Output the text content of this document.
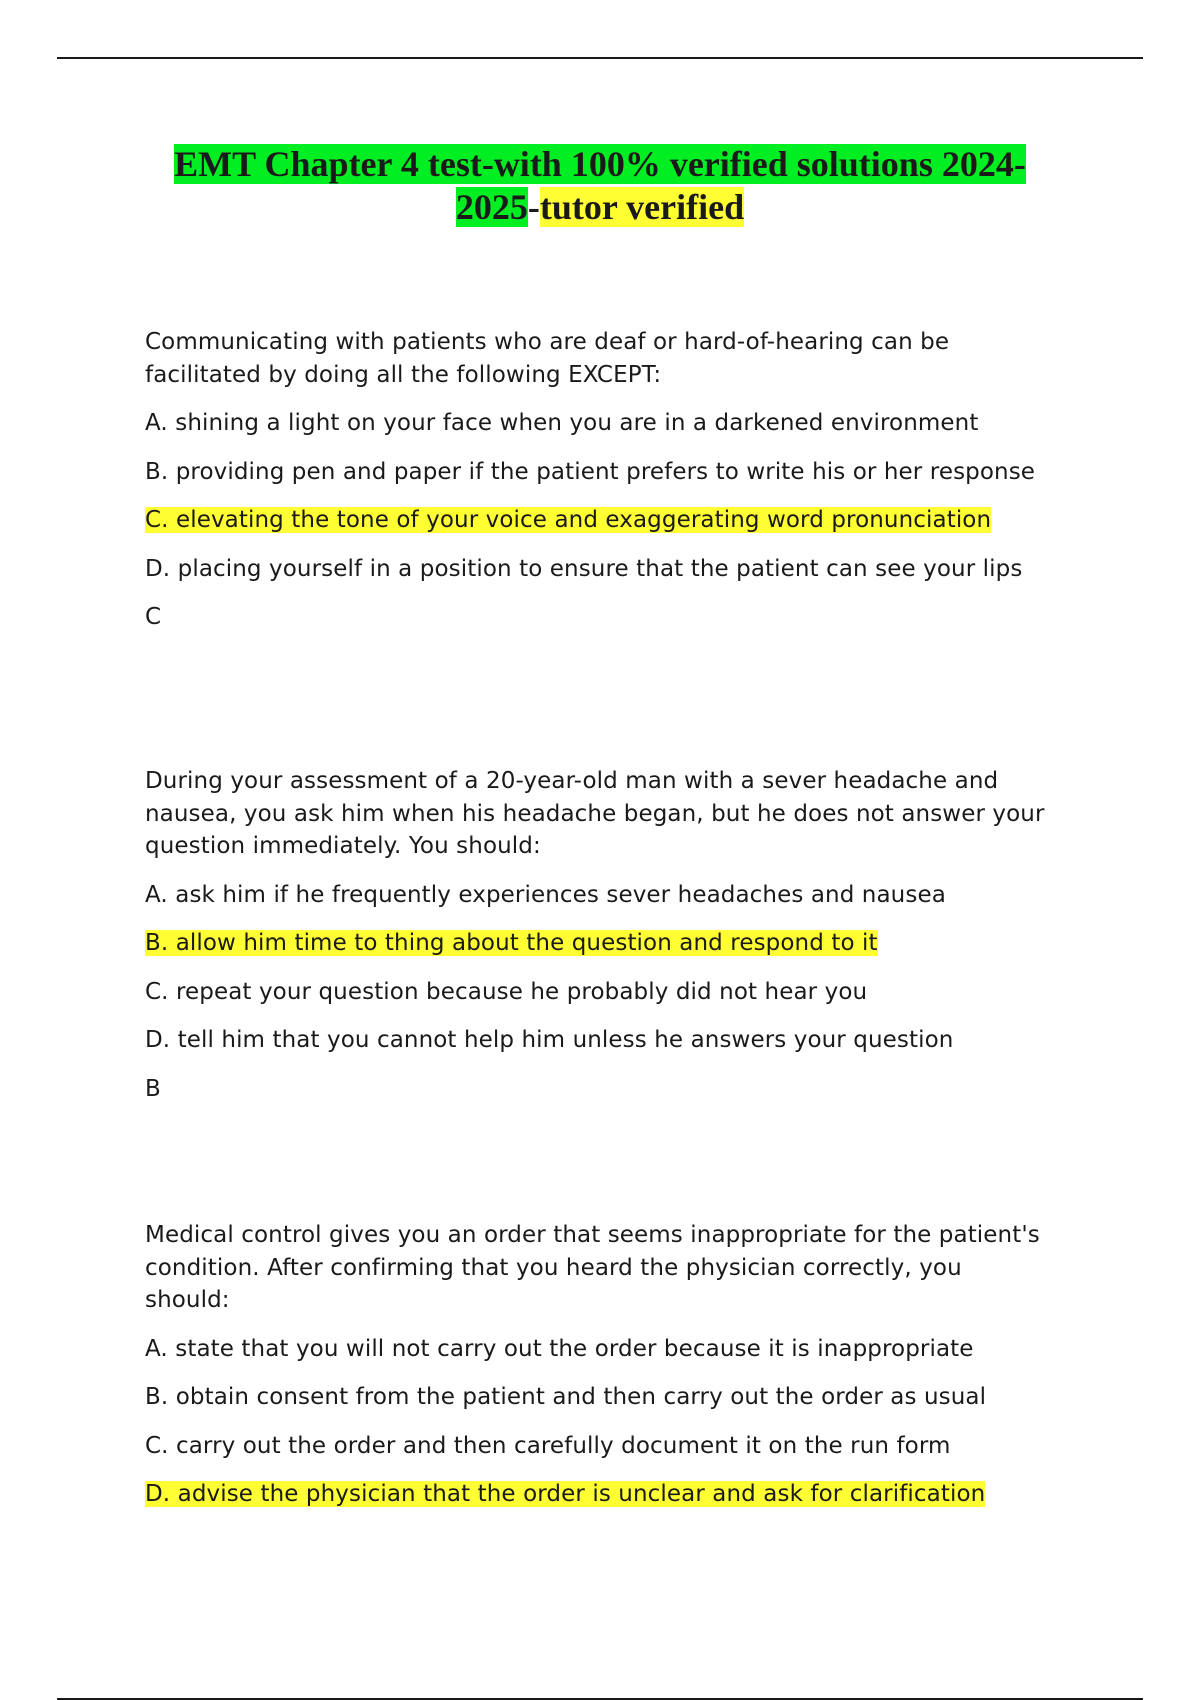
EMT Chapter 4 test-with 100% verified solutions 2024-
2025-tutor verified

Communicating with patients who are deaf or hard-of-hearing can be facilitated by doing all the following EXCEPT:

A. shining a light on your face when you are in a darkened environment

B. providing pen and paper if the patient prefers to write his or her response

C. elevating the tone of your voice and exaggerating word pronunciation

D. placing yourself in a position to ensure that the patient can see your lips

C

During your assessment of a 20-year-old man with a sever headache and nausea, you ask him when his headache began, but he does not answer your question immediately. You should:

A. ask him if he frequently experiences sever headaches and nausea

B. allow him time to thing about the question and respond to it

C. repeat your question because he probably did not hear you

D. tell him that you cannot help him unless he answers your question

B

Medical control gives you an order that seems inappropriate for the patient's condition. After confirming that you heard the physician correctly, you should:

A. state that you will not carry out the order because it is inappropriate

B. obtain consent from the patient and then carry out the order as usual

C. carry out the order and then carefully document it on the run form

D. advise the physician that the order is unclear and ask for clarification
